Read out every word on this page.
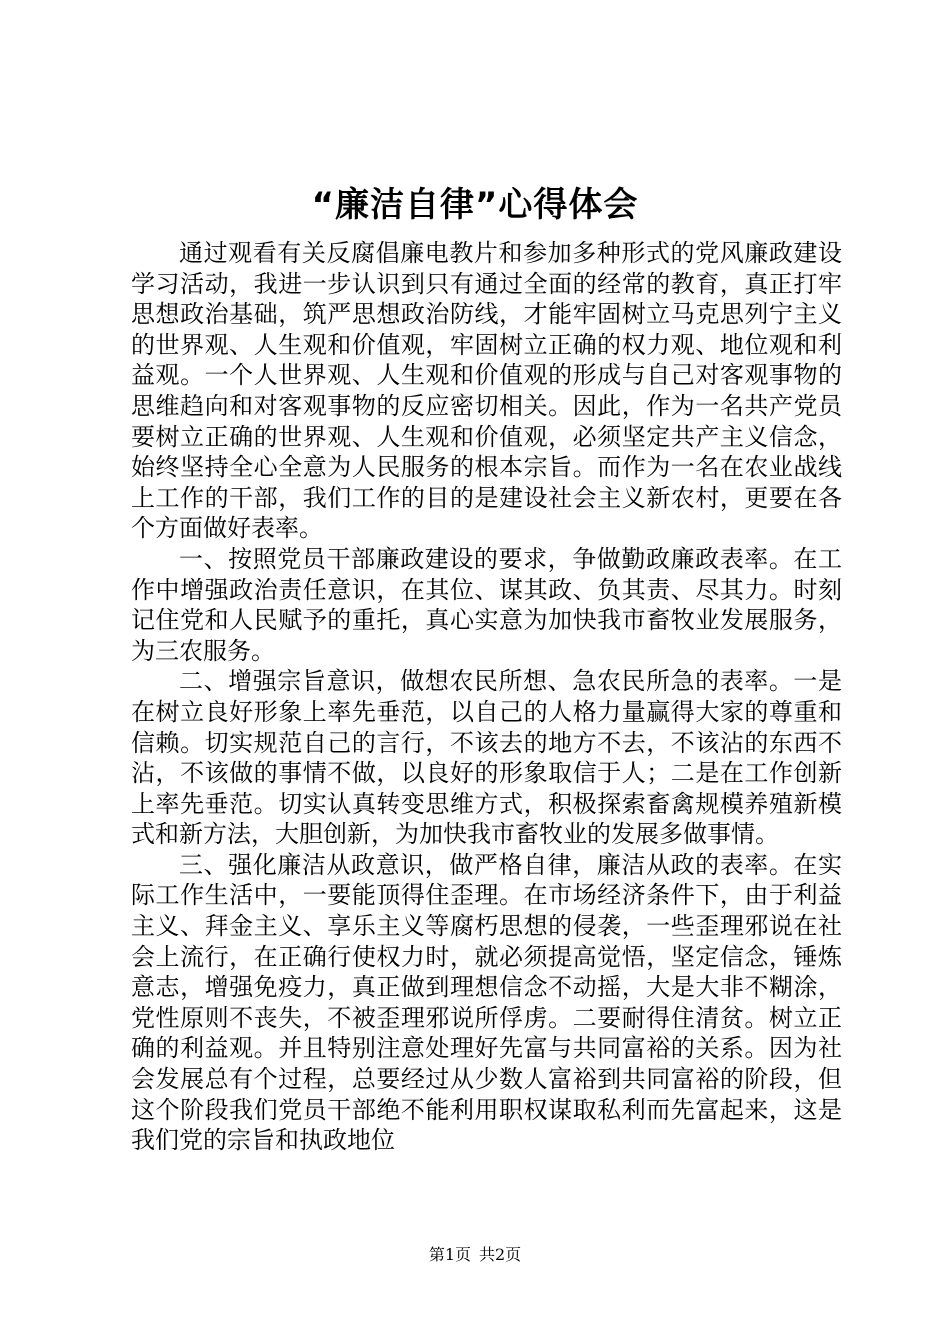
“廉洁自律”心得体会

通过观看有关反腐倡廉电教片和参加多种形式的党风廉政建设学习活动，我进一步认识到只有通过全面的经常的教育，真正打牢思想政治基础，筑严思想政治防线，才能牢固树立马克思列宁主义的世界观、人生观和价值观，牢固树立正确的权力观、地位观和利益观。一个人世界观、人生观和价值观的形成与自己对客观事物的思维趋向和对客观事物的反应密切相关。因此，作为一名共产党员要树立正确的世界观、人生观和价值观，必须坚定共产主义信念，始终坚持全心全意为人民服务的根本宗旨。而作为一名在农业战线上工作的干部，我们工作的目的是建设社会主义新农村，更要在各个方面做好表率。

一、按照党员干部廉政建设的要求，争做勤政廉政表率。在工作中增强政治责任意识，在其位、谋其政、负其责、尽其力。时刻记住党和人民赋予的重托，真心实意为加快我市畜牧业发展服务，为三农服务。

二、增强宗旨意识，做想农民所想、急农民所急的表率。一是在树立良好形象上率先垂范，以自己的人格力量赢得大家的尊重和信赖。切实规范自己的言行，不该去的地方不去，不该沾的东西不沾，不该做的事情不做，以良好的形象取信于人；二是在工作创新上率先垂范。切实认真转变思维方式，积极探索畜禽规模养殖新模式和新方法，大胆创新，为加快我市畜牧业的发展多做事情。

三、强化廉洁从政意识，做严格自律，廉洁从政的表率。在实际工作生活中，一要能顶得住歪理。在市场经济条件下，由于利益主义、拜金主义、享乐主义等腐朽思想的侵袭，一些歪理邪说在社会上流行，在正确行使权力时，就必须提高觉悟，坚定信念，锤炼意志，增强免疫力，真正做到理想信念不动摇，大是大非不糊涂，党性原则不丧失，不被歪理邪说所俘虏。二要耐得住清贫。树立正确的利益观。并且特别注意处理好先富与共同富裕的关系。因为社会发展总有个过程，总要经过从少数人富裕到共同富裕的阶段，但这个阶段我们党员干部绝不能利用职权谋取私利而先富起来，这是我们党的宗旨和执政地位

第1页 共2页
